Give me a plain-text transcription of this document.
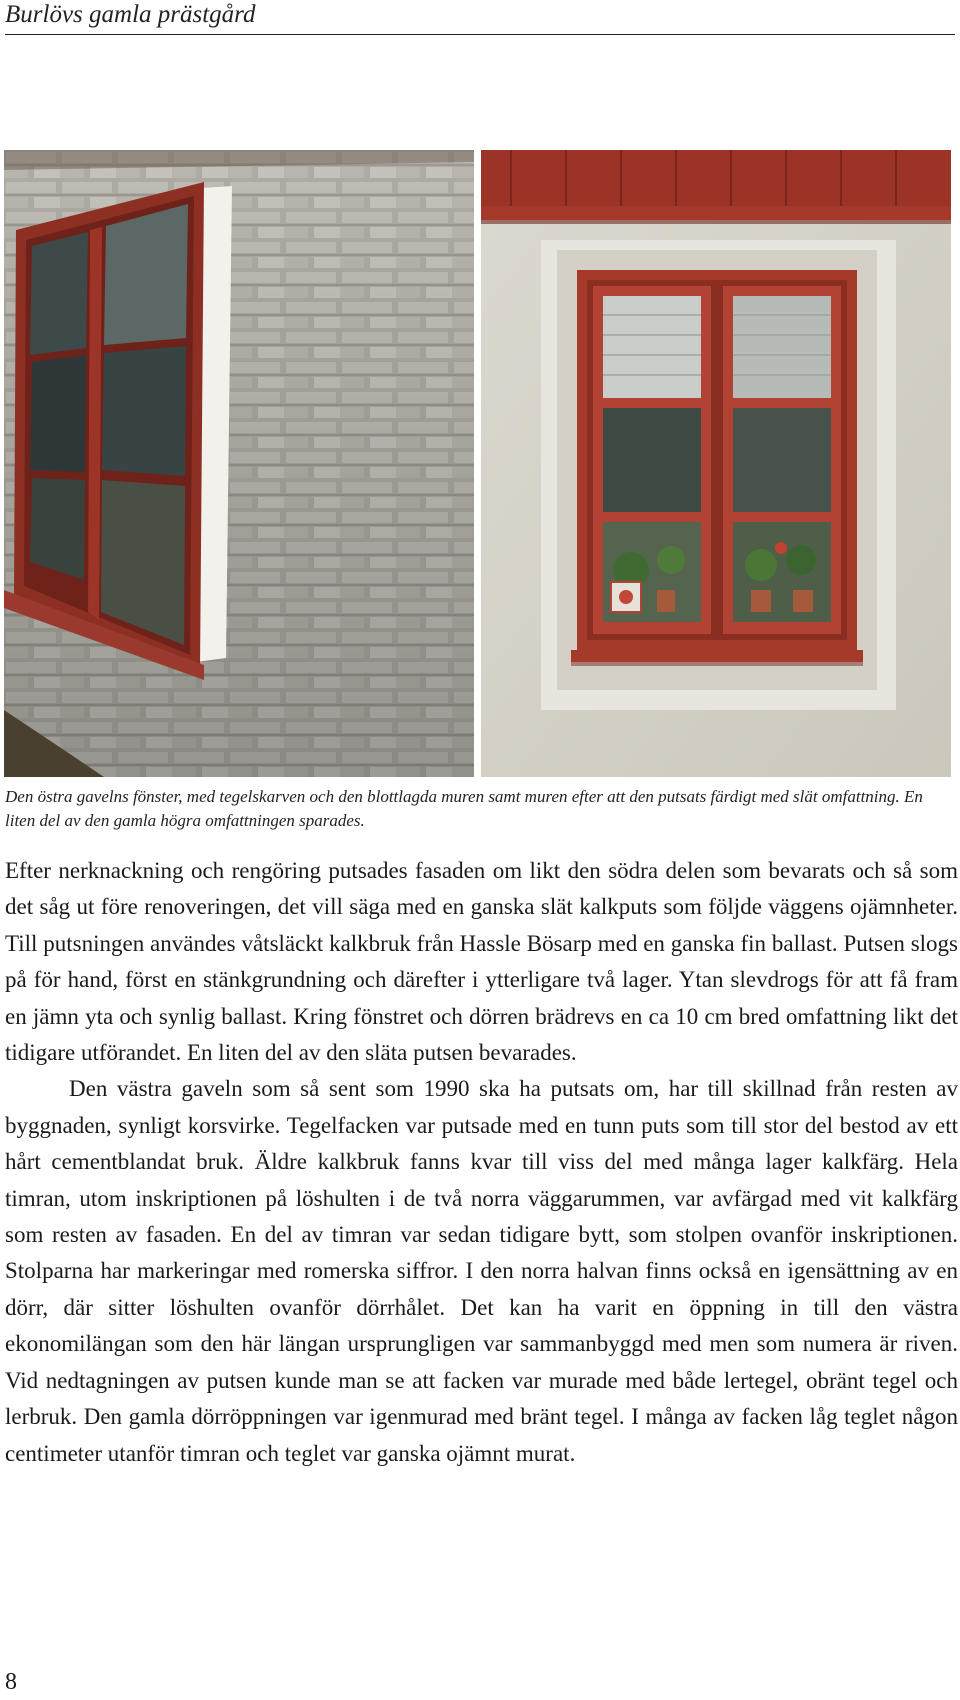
Burlövs gamla prästgård
Den östra gavelns fönster, med tegelskarven och den blottlagda muren samt muren efter att den putsats färdigt med slät omfattning. En liten del av den gamla högra omfattningen sparades.

Efter nerknackning och rengöring putsades fasaden om likt den södra delen som bevarats och så som det såg ut före renoveringen, det vill säga med en ganska slät kalkputs som följde väggens ojämnheter. Till putsningen användes våtsläckt kalkbruk från Hassle Bösarp med en ganska fin ballast. Putsen slogs på för hand, först en stänkgrundning och därefter i ytterligare två lager. Ytan slevdrogs för att få fram en jämn yta och synlig ballast. Kring fönstret och dörren brädrevs en ca 10 cm bred omfattning likt det tidigare utförandet. En liten del av den släta putsen bevarades.

Den västra gaveln som så sent som 1990 ska ha putsats om, har till skillnad från resten av byggnaden, synligt korsvirke. Tegelfacken var putsade med en tunn puts som till stor del bestod av ett hårt cementblandat bruk. Äldre kalkbruk fanns kvar till viss del med många lager kalkfärg. Hela timran, utom inskriptionen på löshulten i de två norra väggarummen, var avfärgad med vit kalkfärg som resten av fasaden. En del av timran var sedan tidigare bytt, som stolpen ovanför inskriptionen. Stolparna har markeringar med romerska siffror. I den norra halvan finns också en igensättning av en dörr, där sitter löshulten ovanför dörrhålet. Det kan ha varit en öppning in till den västra ekonomilängan som den här längan ursprungligen var sammanbyggd med men som numera är riven. Vid nedtagningen av putsen kunde man se att facken var murade med både lertegel, obränt tegel och lerbruk. Den gamla dörröppningen var igenmurad med bränt tegel. I många av facken låg teglet någon centimeter utanför timran och teglet var ganska ojämnt murat.

8
